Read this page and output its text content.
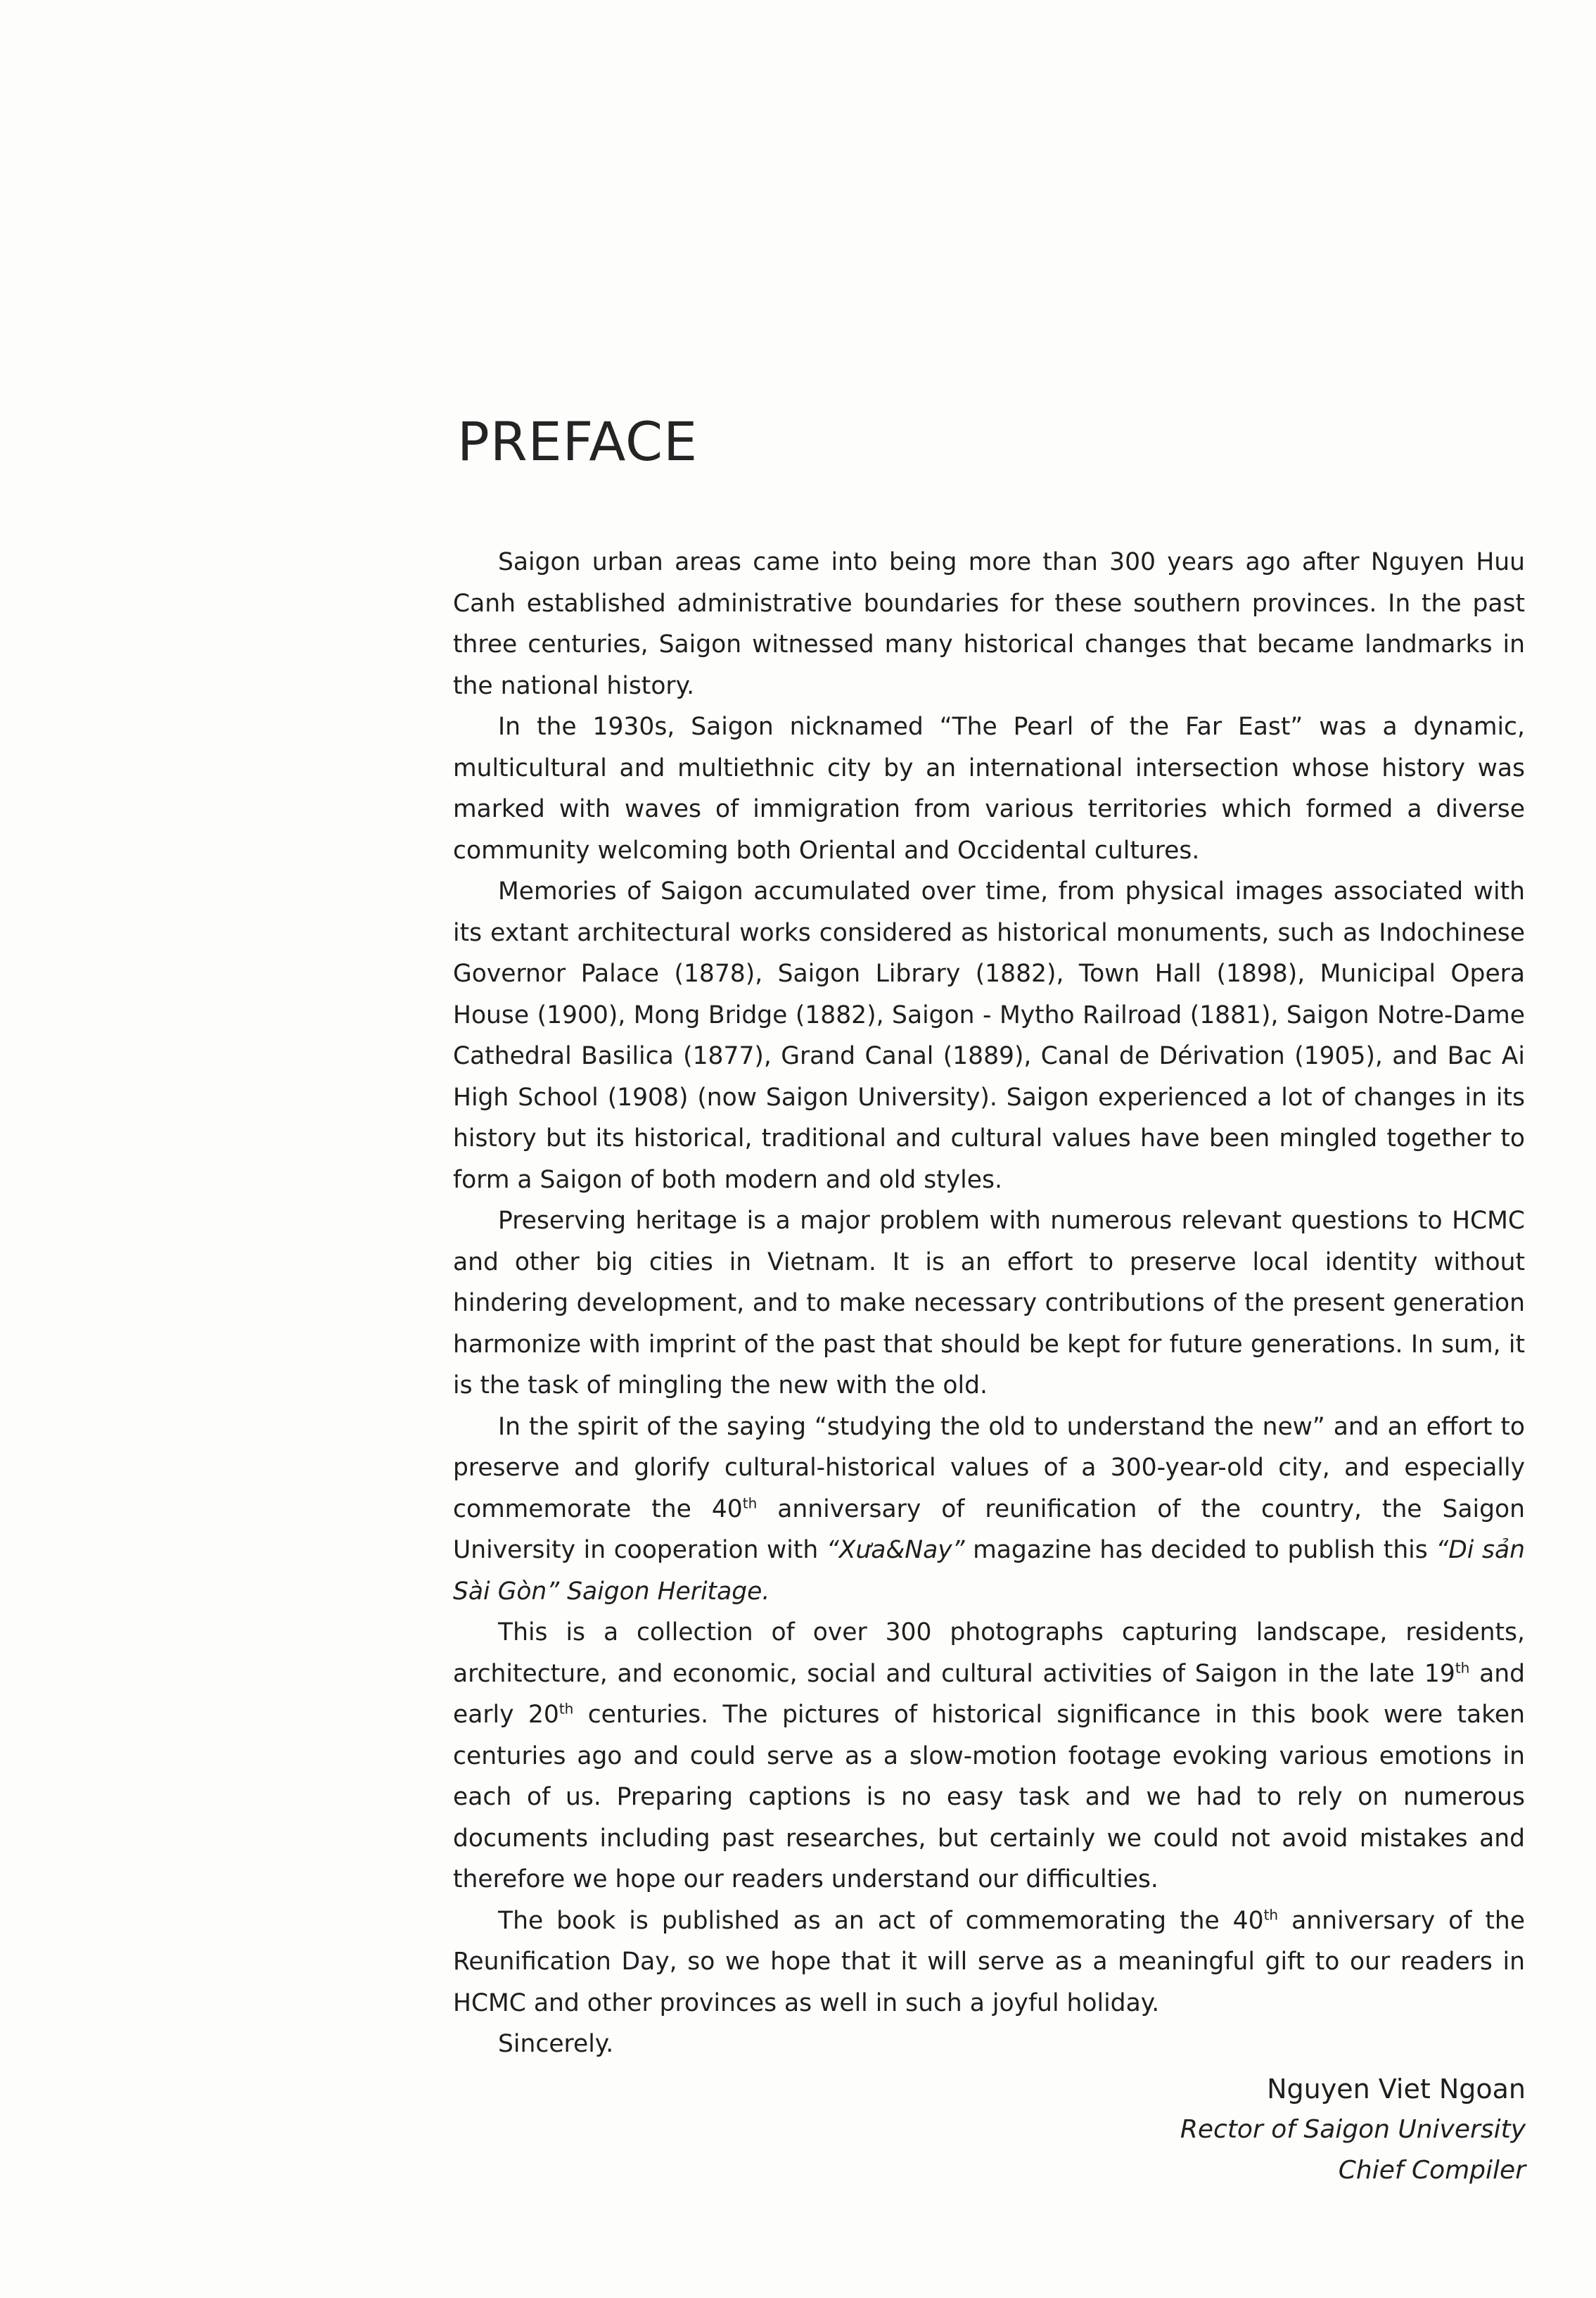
PREFACE

Saigon urban areas came into being more than 300 years ago after Nguyen Huu Canh established administrative boundaries for these southern provinces. In the past three centuries, Saigon witnessed many historical changes that became landmarks in the national history.

In the 1930s, Saigon nicknamed “The Pearl of the Far East” was a dynamic, multicultural and multiethnic city by an international intersection whose history was marked with waves of immigration from various territories which formed a diverse community welcoming both Oriental and Occidental cultures.

Memories of Saigon accumulated over time, from physical images associated with its extant architectural works considered as historical monuments, such as Indochinese Governor Palace (1878), Saigon Library (1882), Town Hall (1898), Municipal Opera House (1900), Mong Bridge (1882), Saigon - Mytho Railroad (1881), Saigon Notre-Dame Cathedral Basilica (1877), Grand Canal (1889), Canal de Dérivation (1905), and Bac Ai High School (1908) (now Saigon University). Saigon experienced a lot of changes in its history but its historical, traditional and cultural values have been mingled together to form a Saigon of both modern and old styles.

Preserving heritage is a major problem with numerous relevant questions to HCMC and other big cities in Vietnam. It is an effort to preserve local identity without hindering development, and to make necessary contributions of the present generation harmonize with imprint of the past that should be kept for future generations. In sum, it is the task of mingling the new with the old.

In the spirit of the saying “studying the old to understand the new” and an effort to preserve and glorify cultural-historical values of a 300-year-old city, and especially commemorate the 40th anniversary of reunification of the country, the Saigon University in cooperation with “Xưa&Nay” magazine has decided to publish this “Di sản Sài Gòn” Saigon Heritage.

This is a collection of over 300 photographs capturing landscape, residents, architecture, and economic, social and cultural activities of Saigon in the late 19th and early 20th centuries. The pictures of historical significance in this book were taken centuries ago and could serve as a slow-motion footage evoking various emotions in each of us. Preparing captions is no easy task and we had to rely on numerous documents including past researches, but certainly we could not avoid mistakes and therefore we hope our readers understand our difficulties.

The book is published as an act of commemorating the 40th anniversary of the Reunification Day, so we hope that it will serve as a meaningful gift to our readers in HCMC and other provinces as well in such a joyful holiday.

Sincerely.

Nguyen Viet Ngoan
Rector of Saigon University
Chief Compiler
